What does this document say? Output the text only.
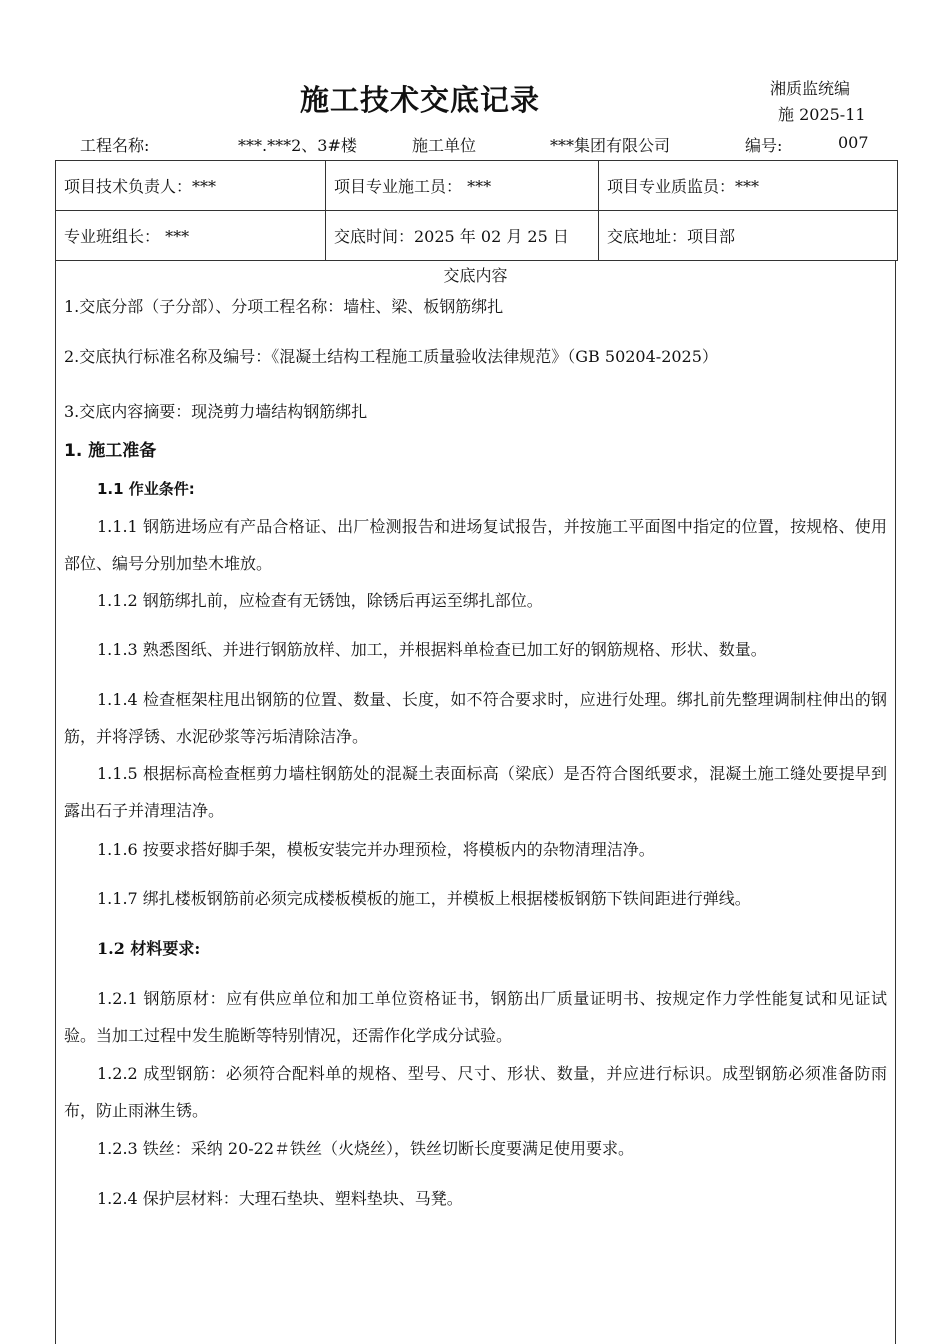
施工技术交底记录	湘质监统编
施 2025-11
工程名称:	***.***2、3#楼	施工单位	***集团有限公司	编号:	007
项目技术负责人：***	项目专业施工员： ***	项目专业质监员：***
专业班组长： ***	交底时间：2025 年 02 月 25 日	交底地址：项目部
交底内容
1.交底分部（子分部）、分项工程名称：墙柱、梁、板钢筋绑扎
2.交底执行标准名称及编号：《混凝土结构工程施工质量验收法律规范》（GB 50204-2025）
3.交底内容摘要：现浇剪力墙结构钢筋绑扎
1. 施工准备
1.1 作业条件:
1.1.1 钢筋进场应有产品合格证、出厂检测报告和进场复试报告，并按施工平面图中指定的位置，按规格、使用部位、编号分别加垫木堆放。
1.1.2 钢筋绑扎前，应检查有无锈蚀，除锈后再运至绑扎部位。
1.1.3 熟悉图纸、并进行钢筋放样、加工，并根据料单检查已加工好的钢筋规格、形状、数量。
1.1.4 检查框架柱甩出钢筋的位置、数量、长度，如不符合要求时，应进行处理。绑扎前先整理调制柱伸出的钢筋，并将浮锈、水泥砂浆等污垢清除洁净。
1.1.5 根据标高检查框剪力墙柱钢筋处的混凝土表面标高（梁底）是否符合图纸要求，混凝土施工缝处要提早到露出石子并清理洁净。
1.1.6 按要求搭好脚手架，模板安装完并办理预检，将模板内的杂物清理洁净。
1.1.7 绑扎楼板钢筋前必须完成楼板模板的施工，并模板上根据楼板钢筋下铁间距进行弹线。
1.2 材料要求:
1.2.1 钢筋原材：应有供应单位和加工单位资格证书，钢筋出厂质量证明书、按规定作力学性能复试和见证试验。当加工过程中发生脆断等特别情况，还需作化学成分试验。
1.2.2 成型钢筋：必须符合配料单的规格、型号、尺寸、形状、数量，并应进行标识。成型钢筋必须准备防雨布，防止雨淋生锈。
1.2.3 铁丝：采纳 20-22＃铁丝（火烧丝），铁丝切断长度要满足使用要求。
1.2.4 保护层材料：大理石垫块、塑料垫块、马凳。
